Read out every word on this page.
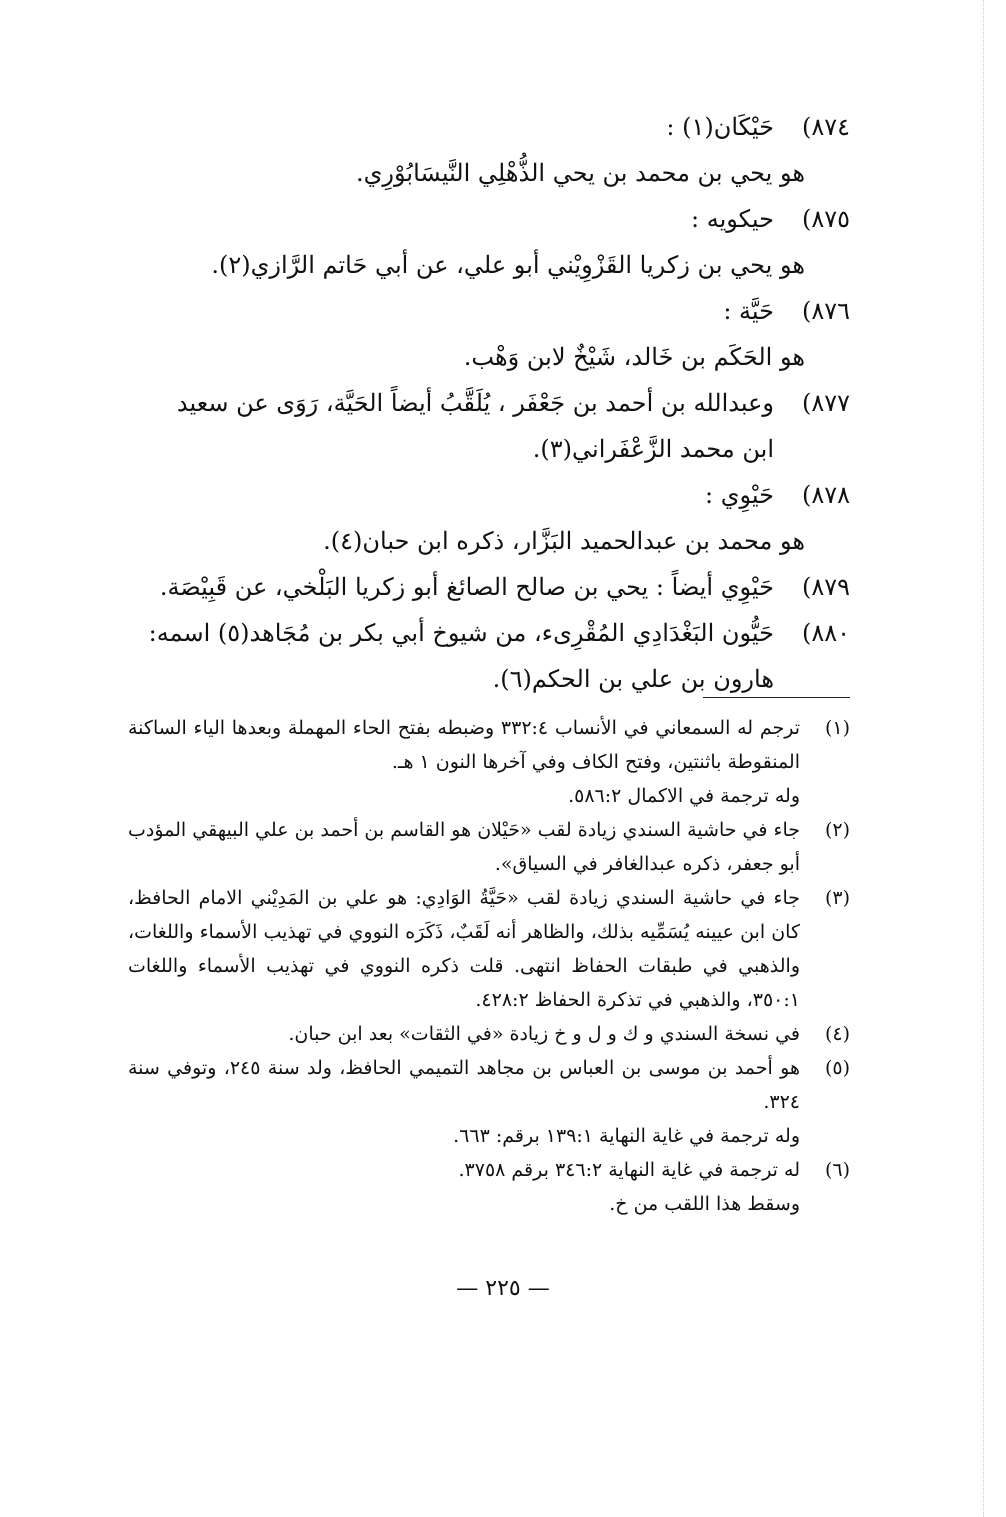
٨٧٤)
حَيْكَان(١) :
هو يحي بن محمد بن يحي الذُّهْلِي النَّيسَابُوْرِي.
٨٧٥)
حيكويه :
هو يحي بن زكريا القَزْوِيْني أبو علي، عن أبي حَاتم الرَّازي(٢).
٨٧٦)
حَيَّة :
هو الحَكَم بن خَالد، شَيْخٌ لابن وَهْب.
٨٧٧)
وعبدالله بن أحمد بن جَعْفَر ، يُلَقَّبُ أيضاً الحَيَّة، رَوَى عن سعيد
ابن محمد الزَّعْفَراني(٣).
٨٧٨)
حَيْوِي :
هو محمد بن عبدالحميد البَزَّار، ذكره ابن حبان(٤).
٨٧٩)
حَيْوِي أيضاً : يحي بن صالح الصائغ أبو زكريا البَلْخي، عن قَبِيْصَة.
٨٨٠)
حَيُّون البَغْدَادِي المُقْرِىء، من شيوخ أبي بكر بن مُجَاهد(٥) اسمه:
هارون بن علي بن الحكم(٦).
(١)
ترجم له السمعاني في الأنساب ٣٣٢:٤ وضبطه بفتح الحاء المهملة وبعدها الياء الساكنة المنقوطة باثنتين، وفتح الكاف وفي آخرها النون ١ هـ.
وله ترجمة في الاكمال ٥٨٦:٢.
(٢)
جاء في حاشية السندي زيادة لقب «حَيْلان هو القاسم بن أحمد بن علي البيهقي المؤدب أبو جعفر، ذكره عبدالغافر في السياق».
(٣)
جاء في حاشية السندي زيادة لقب «حَيَّةُ الوَادِي: هو علي بن المَدِيْني الامام الحافظ، كان ابن عيينه يُسَمِّيه بذلك، والظاهر أنه لَقَبٌ، ذَكَرَه النووي في تهذيب الأسماء واللغات، والذهبي في طبقات الحفاظ انتهى. قلت ذكره النووي في تهذيب الأسماء واللغات ٣٥٠:١، والذهبي في تذكرة الحفاظ ٤٢٨:٢.
(٤)
في نسخة السندي و ك و ل و خ زيادة «في الثقات» بعد ابن حبان.
(٥)
هو أحمد بن موسى بن العباس بن مجاهد التميمي الحافظ، ولد سنة ٢٤٥، وتوفي سنة ٣٢٤.
وله ترجمة في غاية النهاية ١٣٩:١ برقم: ٦٦٣.
(٦)
له ترجمة في غاية النهاية ٣٤٦:٢ برقم ٣٧٥٨.
وسقط هذا اللقب من خ.
— ٢٢٥ —
